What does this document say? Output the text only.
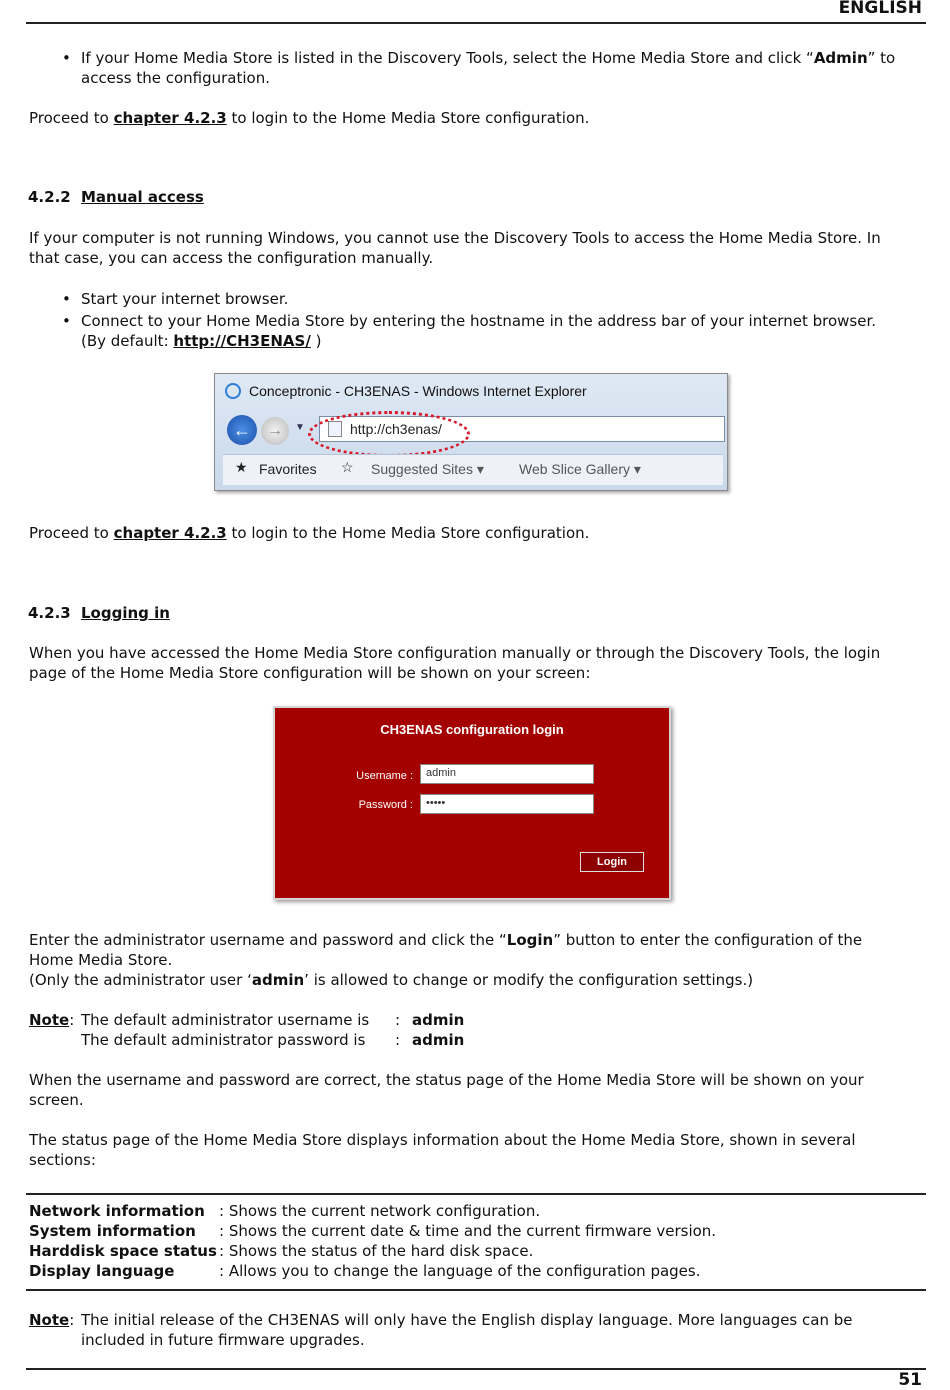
ENGLISH
• If your Home Media Store is listed in the Discovery Tools, select the Home Media Store and click “Admin” to access the configuration.
Proceed to chapter 4.2.3 to login to the Home Media Store configuration.
4.2.2 Manual access
If your computer is not running Windows, you cannot use the Discovery Tools to access the Home Media Store. In that case, you can access the configuration manually.
• Start your internet browser.
• Connect to your Home Media Store by entering the hostname in the address bar of your internet browser.
(By default: http://CH3ENAS/ )
Conceptronic - CH3ENAS - Windows Internet Explorer
←	→	▼	http://ch3enas/
★ Favorites ☆ Suggested Sites ▾	Web Slice Gallery ▾
Proceed to chapter 4.2.3 to login to the Home Media Store configuration.
4.2.3 Logging in
When you have accessed the Home Media Store configuration manually or through the Discovery Tools, the login page of the Home Media Store configuration will be shown on your screen:
CH3ENAS configuration login
Username :	admin
Password :	•••••
Login
Enter the administrator username and password and click the “Login” button to enter the configuration of the Home Media Store.
(Only the administrator user ‘admin’ is allowed to change or modify the configuration settings.)
Note: The default administrator username is : admin
The default administrator password is : admin
When the username and password are correct, the status page of the Home Media Store will be shown on your screen.
The status page of the Home Media Store displays information about the Home Media Store, shown in several sections:
Network information : Shows the current network configuration.
System information	: Shows the current date & time and the current firmware version.
Harddisk space status : Shows the status of the hard disk space.
Display language	: Allows you to change the language of the configuration pages.
Note: The initial release of the CH3ENAS will only have the English display language. More languages can be included in future firmware upgrades.
51
